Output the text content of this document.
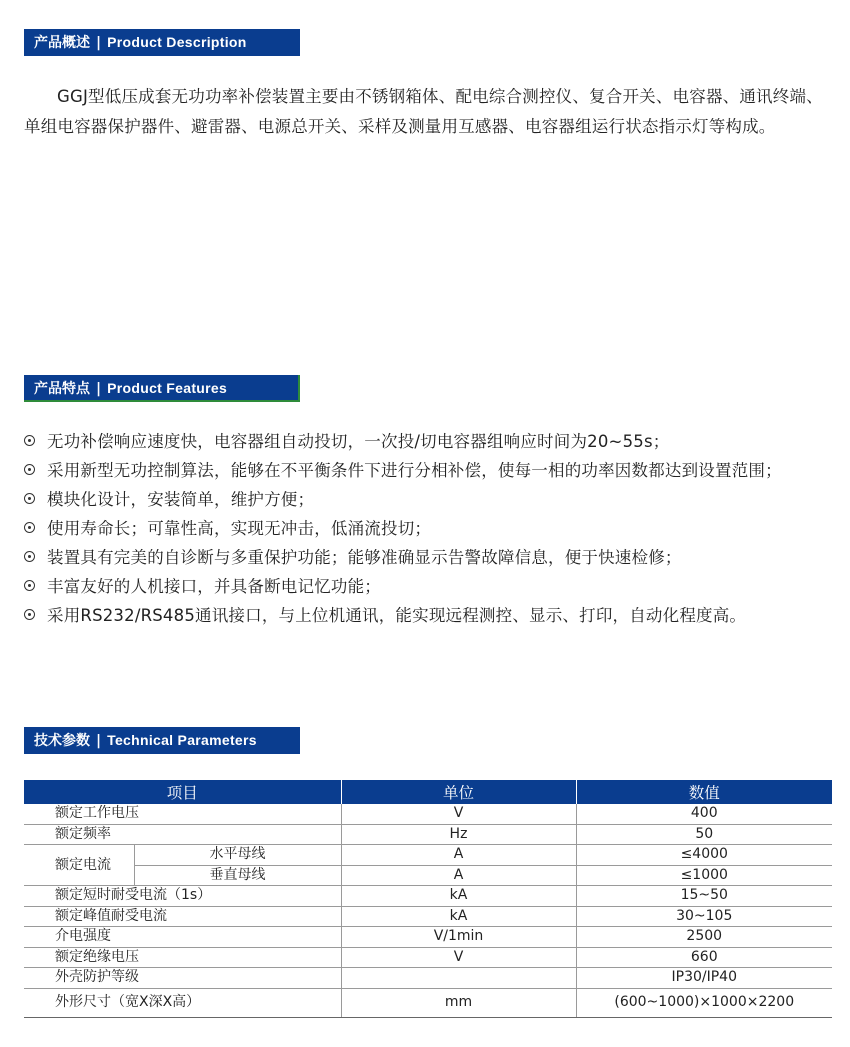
产品概述 | Product Description

GGJ型低压成套无功功率补偿装置主要由不锈钢箱体、配电综合测控仪、复合开关、电容器、通讯终端、单组电容器保护器件、避雷器、电源总开关、采样及测量用互感器、电容器组运行状态指示灯等构成。

产品特点 | Product Features
无功补偿响应速度快，电容器组自动投切，一次投/切电容器组响应时间为20~55s；
采用新型无功控制算法，能够在不平衡条件下进行分相补偿，使每一相的功率因数都达到设置范围；
模块化设计，安装简单，维护方便；
使用寿命长；可靠性高，实现无冲击，低涌流投切；
装置具有完美的自诊断与多重保护功能；能够准确显示告警故障信息，便于快速检修；
丰富友好的人机接口，并具备断电记忆功能；
采用RS232/RS485通讯接口，与上位机通讯，能实现远程测控、显示、打印，自动化程度高。
技术参数 | Technical Parameters
项目		单位	数值
额定工作电压		V	400
额定频率		Hz	50
额定电流	水平母线	A	≤4000
	垂直母线	A	≤1000
额定短时耐受电流（1s）		kA	15~50
额定峰值耐受电流		kA	30~105
介电强度		V/1min	2500
额定绝缘电压		V	660
外壳防护等级			IP30/IP40
外形尺寸（宽X深X高）		mm	(600~1000)×1000×2200
